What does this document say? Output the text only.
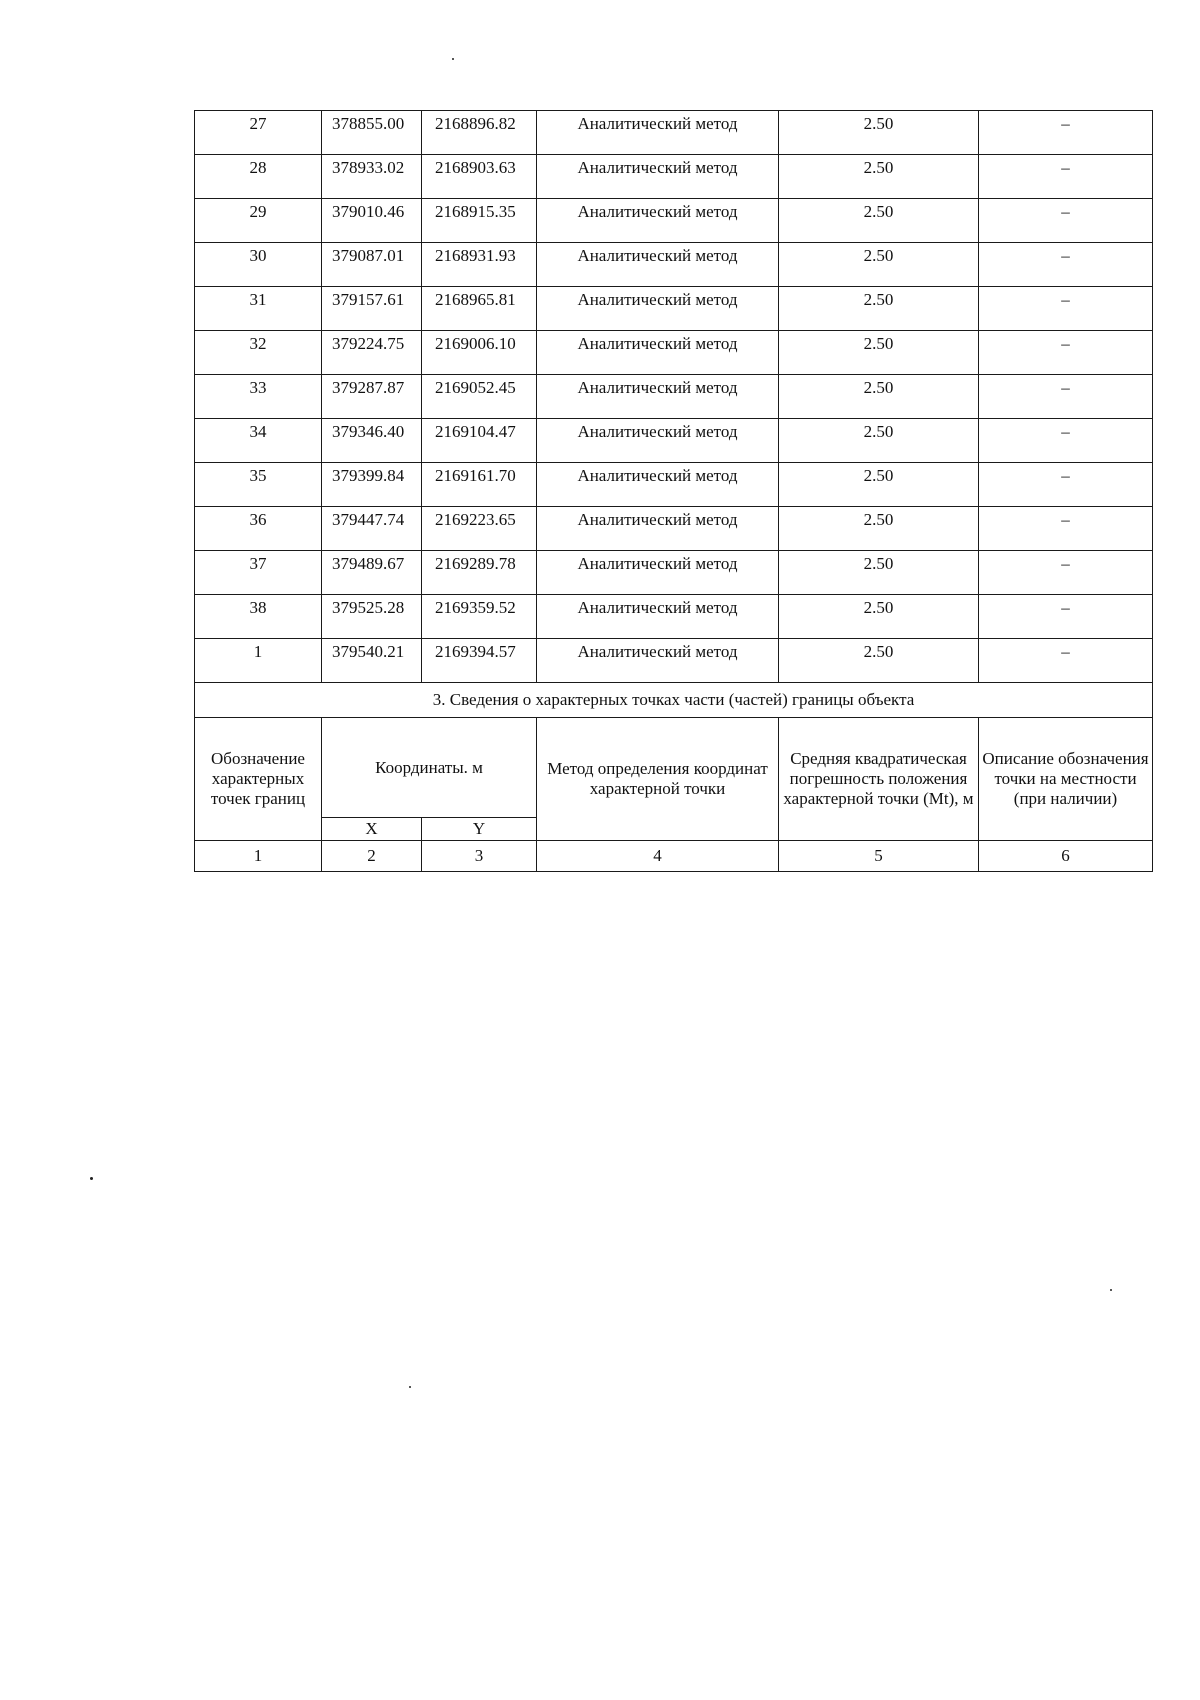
27	378855.00	2168896.82	Аналитический метод	2.50	–
28	378933.02	2168903.63	Аналитический метод	2.50	–
29	379010.46	2168915.35	Аналитический метод	2.50	–
30	379087.01	2168931.93	Аналитический метод	2.50	–
31	379157.61	2168965.81	Аналитический метод	2.50	–
32	379224.75	2169006.10	Аналитический метод	2.50	–
33	379287.87	2169052.45	Аналитический метод	2.50	–
34	379346.40	2169104.47	Аналитический метод	2.50	–
35	379399.84	2169161.70	Аналитический метод	2.50	–
36	379447.74	2169223.65	Аналитический метод	2.50	–
37	379489.67	2169289.78	Аналитический метод	2.50	–
38	379525.28	2169359.52	Аналитический метод	2.50	–
1	379540.21	2169394.57	Аналитический метод	2.50	–
3. Сведения о характерных точках части (частей) границы объекта					
Обозначение характерных точек границ	Координаты. м		Метод определения координат характерной точки	Средняя квадратическая погрешность положения характерной точки (Mt), м	Описание обозначения точки на местности (при наличии)
	X	Y			
1	2	3	4	5	6
